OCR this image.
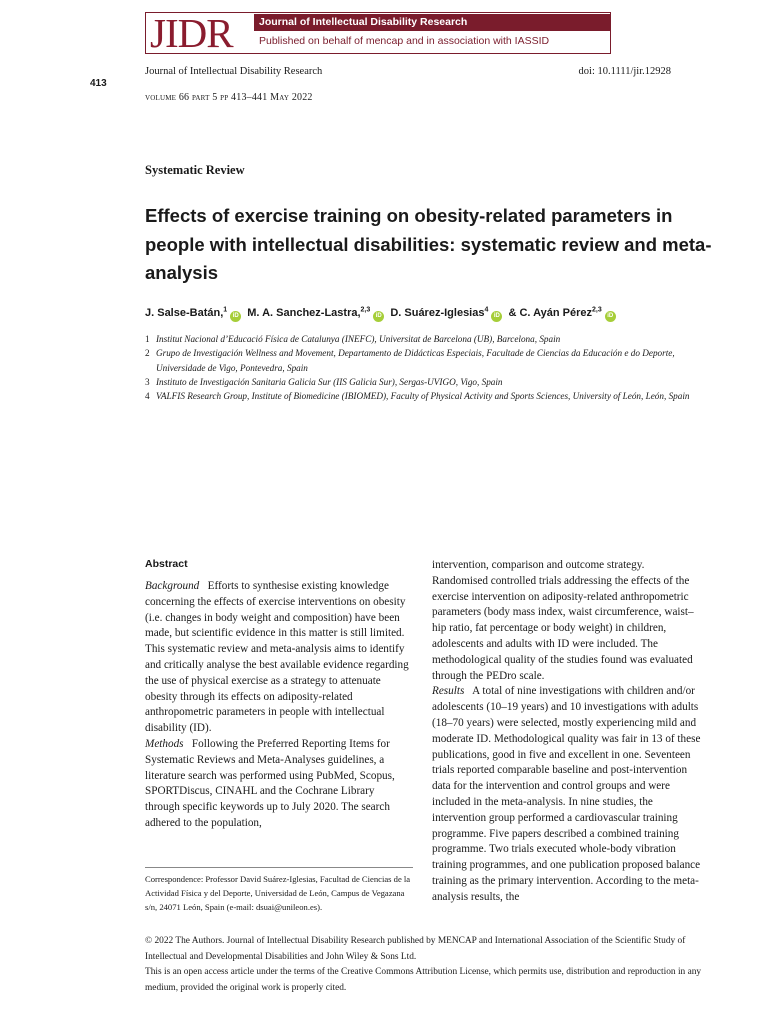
JIDR	Journal of Intellectual Disability Research
Published on behalf of mencap and in association with IASSID
413
Journal of Intellectual Disability Research	doi: 10.1111/jir.12928
volume 66 part 5 pp 413–441 May 2022
Systematic Review
Effects of exercise training on obesity-related parameters in people with intellectual disabilities: systematic review and meta-analysis
J. Salse-Batán,$^1$iD M. A. Sanchez-Lastra,$^{2,3}$iD D. Suárez-Iglesias$^4$iD & C. Ayán Pérez$^{2,3}$iD
1 Institut Nacional d’Educació Física de Catalunya (INEFC), Universitat de Barcelona (UB), Barcelona, Spain
2 Grupo de Investigación Wellness and Movement, Departamento de Didácticas Especiais, Facultade de Ciencias da Educación e do Deporte, Universidade de Vigo, Pontevedra, Spain
3 Instituto de Investigación Sanitaria Galicia Sur (IIS Galicia Sur), Sergas-UVIGO, Vigo, Spain
4 VALFIS Research Group, Institute of Biomedicine (IBIOMED), Faculty of Physical Activity and Sports Sciences, University of León, León, Spain
Abstract

Background Efforts to synthesise existing knowledge concerning the effects of exercise interventions on obesity (i.e. changes in body weight and composition) have been made, but scientific evidence in this matter is still limited. This systematic review and meta-analysis aims to identify and critically analyse the best available evidence regarding the use of physical exercise as a strategy to attenuate obesity through its effects on adiposity-related anthropometric parameters in people with intellectual disability (ID).

Methods Following the Preferred Reporting Items for Systematic Reviews and Meta-Analyses guidelines, a literature search was performed using PubMed, Scopus, SPORTDiscus, CINAHL and the Cochrane Library through specific keywords up to July 2020. The search adhered to the population,

Correspondence: Professor David Suárez-Iglesias, Facultad de Ciencias de la Actividad Física y del Deporte, Universidad de León, Campus de Vegazana s/n, 24071 León, Spain (e-mail: dsuai@unileon.es).

intervention, comparison and outcome strategy. Randomised controlled trials addressing the effects of the exercise intervention on adiposity-related anthropometric parameters (body mass index, waist circumference, waist–hip ratio, fat percentage or body weight) in children, adolescents and adults with ID were included. The methodological quality of the studies found was evaluated through the PEDro scale.

Results A total of nine investigations with children and/or adolescents (10–19 years) and 10 investigations with adults (18–70 years) were selected, mostly experiencing mild and moderate ID. Methodological quality was fair in 13 of these publications, good in five and excellent in one. Seventeen trials reported comparable baseline and post-intervention data for the intervention and control groups and were included in the meta-analysis. In nine studies, the intervention group performed a cardiovascular training programme. Five papers described a combined training programme. Two trials executed whole-body vibration training programmes, and one publication proposed balance training as the primary intervention. According to the meta-analysis results, the

© 2022 The Authors. Journal of Intellectual Disability Research published by MENCAP and International Association of the Scientific Study of Intellectual and Developmental Disabilities and John Wiley & Sons Ltd.

This is an open access article under the terms of the Creative Commons Attribution License, which permits use, distribution and reproduction in any medium, provided the original work is properly cited.
